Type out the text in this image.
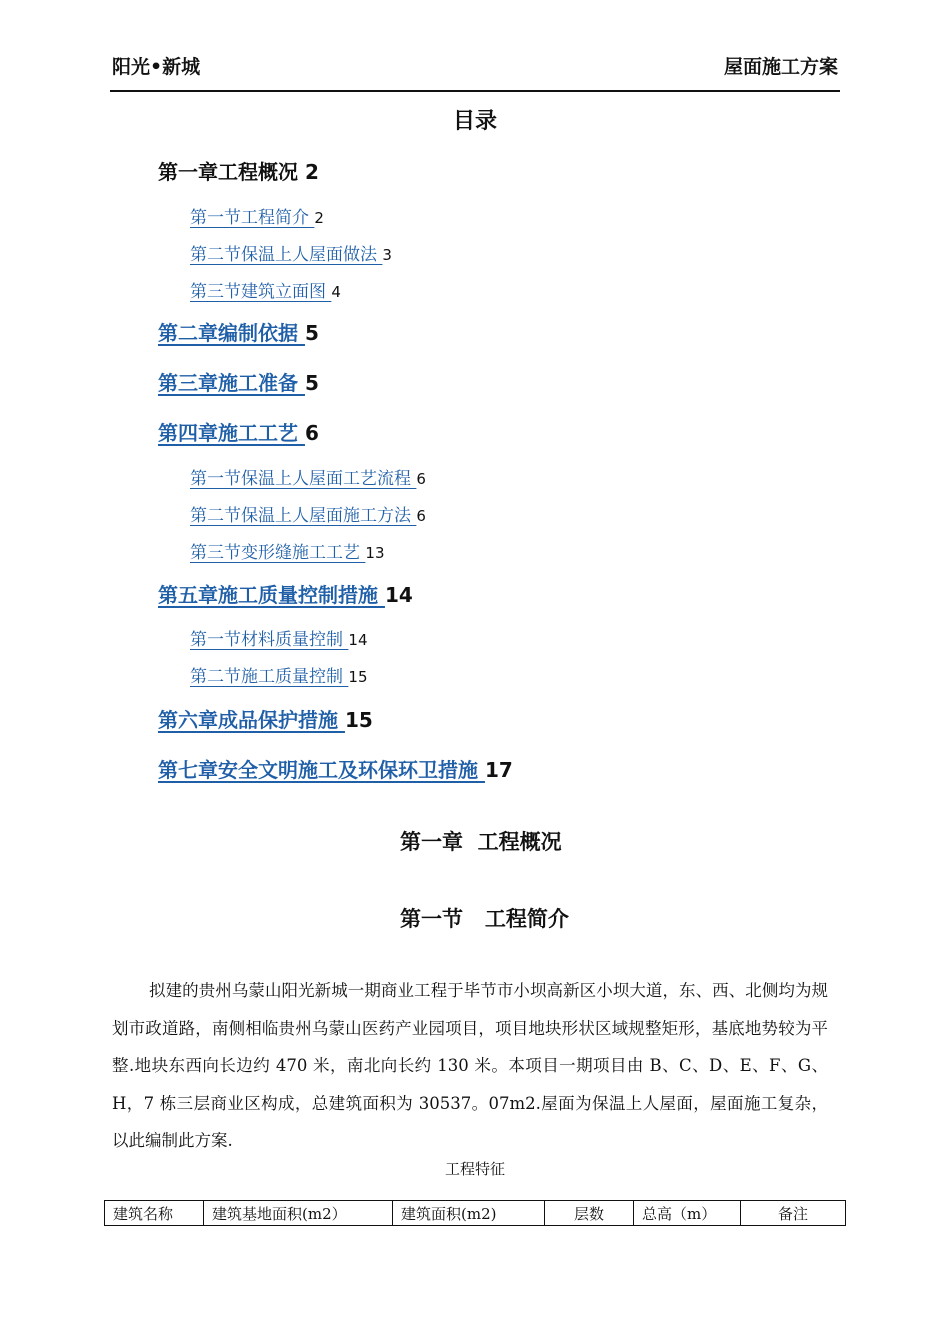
阳光•新城	屋面施工方案
目录
第一章工程概况 2
第一节工程简介 2
第二节保温上人屋面做法 3
第三节建筑立面图 4
第二章编制依据 5
第三章施工准备 5
第四章施工工艺 6
第一节保温上人屋面工艺流程 6
第二节保温上人屋面施工方法 6
第三节变形缝施工工艺 13
第五章施工质量控制措施 14
第一节材料质量控制 14
第二节施工质量控制 15
第六章成品保护措施 15
第七章安全文明施工及环保环卫措施 17
第一章  工程概况
第一节   工程简介

拟建的贵州乌蒙山阳光新城一期商业工程于毕节市小坝高新区小坝大道，东、西、北侧均为规划市政道路，南侧相临贵州乌蒙山医药产业园项目，项目地块形状区域规整矩形，基底地势较为平整.地块东西向长边约 470 米，南北向长约 130 米。本项目一期项目由 B、C、D、E、F、G、H，7 栋三层商业区构成，总建筑面积为 30537。07m2.屋面为保温上人屋面，屋面施工复杂，以此编制此方案.

工程特征
建筑名称	建筑基地面积(m2）	建筑面积(m2)	层数	总高（m）	备注
